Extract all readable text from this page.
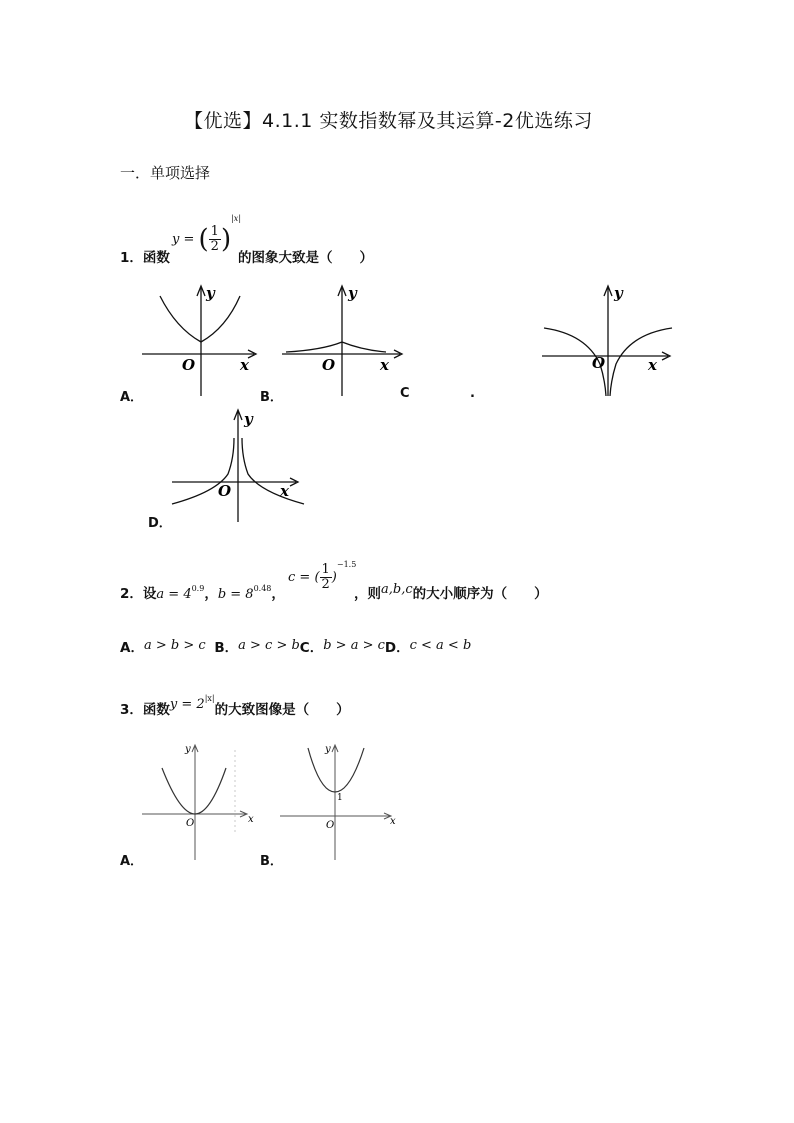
【优选】4.1.1 实数指数幂及其运算-2优选练习
一．单项选择
1．函数
y = ( $\frac{1}{2} )^{|x|}$
的图象大致是（　　）
O	x
y
A．
O	x
y
B．
O	x
y
C	.
O	x
y
D．
2．设$a = 4^{0.9}$，$b = 8^{0.48}$，
c = ( $\frac{1}{2} )^{-1.5}$
，则a,b,c的大小顺序为（　　）
A．a > b > c B．a > c > bC．b > a > cD．c < a < b
3．函数$y = 2^{|x|}$的大致图像是（　　）
O	x
y
A．
1
O	x
y
B．
